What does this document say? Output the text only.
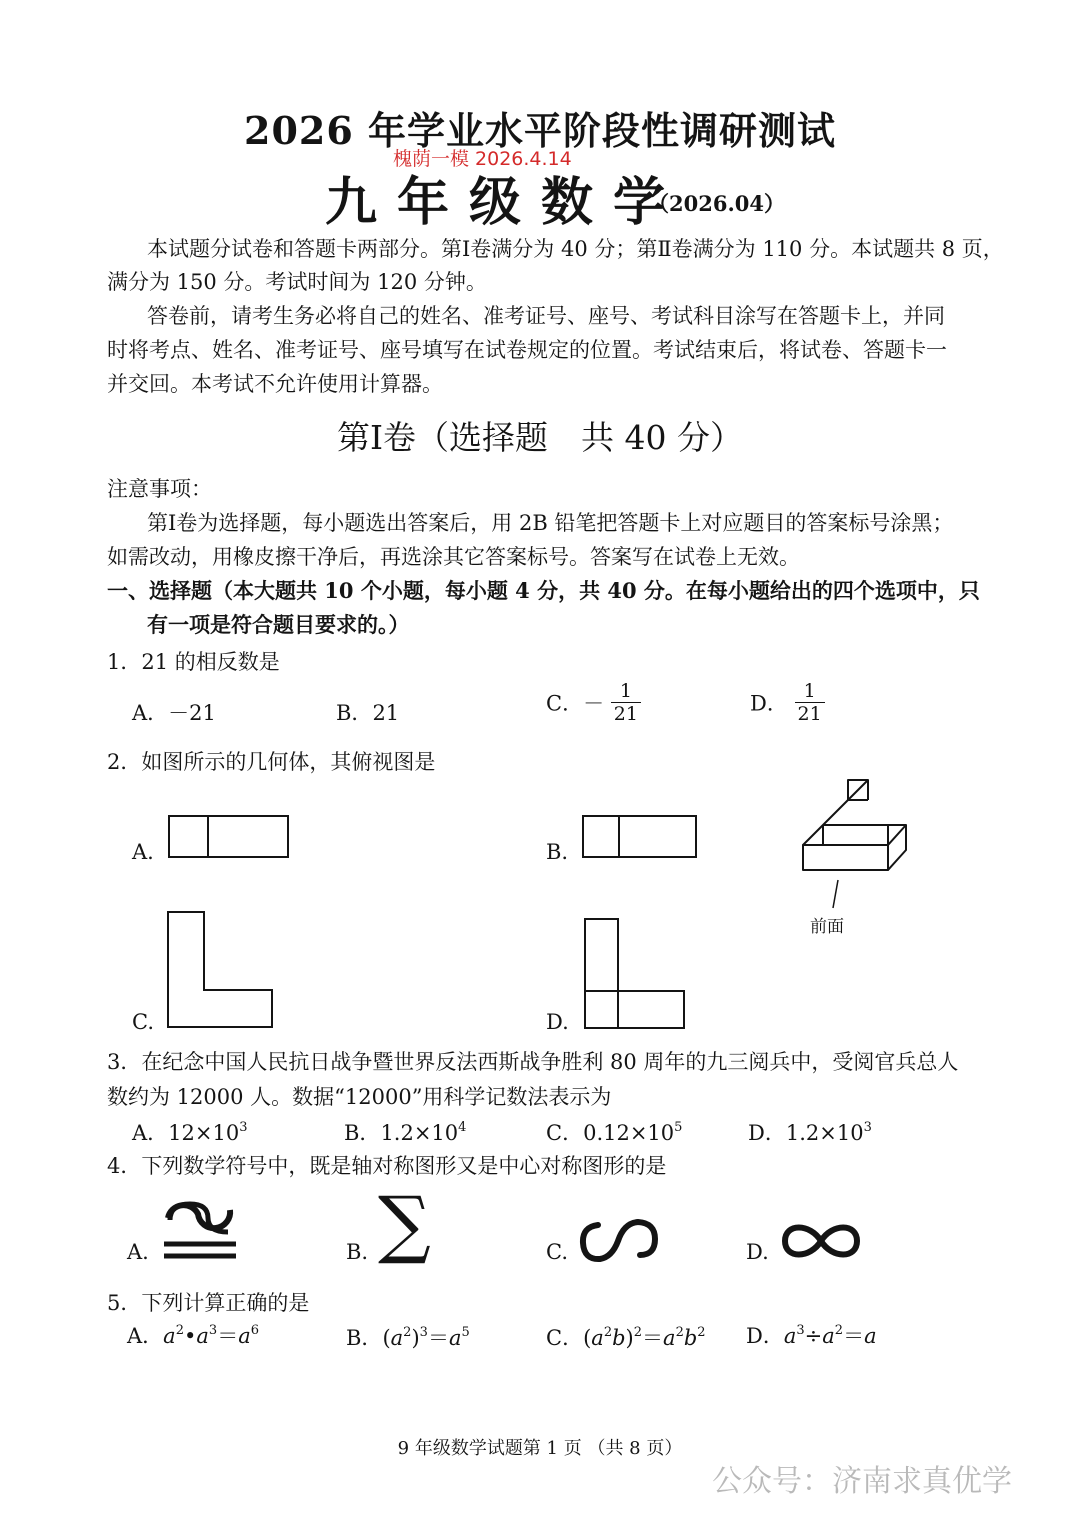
2026 年学业水平阶段性调研测试
槐荫一模 2026.4.14
九年级数学
（2026.04）
本试题分试卷和答题卡两部分。第Ⅰ卷满分为 40 分；第Ⅱ卷满分为 110 分。本试题共 8 页，
满分为 150 分。考试时间为 120 分钟。
答卷前，请考生务必将自己的姓名、准考证号、座号、考试科目涂写在答题卡上，并同
时将考点、姓名、准考证号、座号填写在试卷规定的位置。考试结束后，将试卷、答题卡一
并交回。本考试不允许使用计算器。
第Ⅰ卷（选择题　共 40 分）
注意事项：
第Ⅰ卷为选择题，每小题选出答案后，用 2B 铅笔把答题卡上对应题目的答案标号涂黑；
如需改动，用橡皮擦干净后，再选涂其它答案标号。答案写在试卷上无效。
一、选择题（本大题共 10 个小题，每小题 4 分，共 40 分。在每小题给出的四个选项中，只
有一项是符合题目要求的。）
1．21 的相反数是
A．－21	B．21	C．－ $\frac{1}{21}$	D． $\frac{1}{21}$
2．如图所示的几何体，其俯视图是
A.	B.
前面
C.	D.
3．在纪念中国人民抗日战争暨世界反法西斯战争胜利 80 周年的九三阅兵中，受阅官兵总人
数约为 12000 人。数据“12000”用科学记数法表示为
A．$12\times 10^3$	B．$1.2\times 10^4$	C．$0.12\times 10^5$	D．$1.2\times 10^3$
4．下列数学符号中，既是轴对称图形又是中心对称图形的是
A.	B. ∑	C.	D.
5．下列计算正确的是
A．$a^2•a^3=a^6$	B．$(a^2)^3=a^5$	C．$(a^2b)^2=a^2b^2$ D．$a^3\div a^2=a$
9 年级数学试题第 1 页 （共 8 页）
公众号：济南求真优学
